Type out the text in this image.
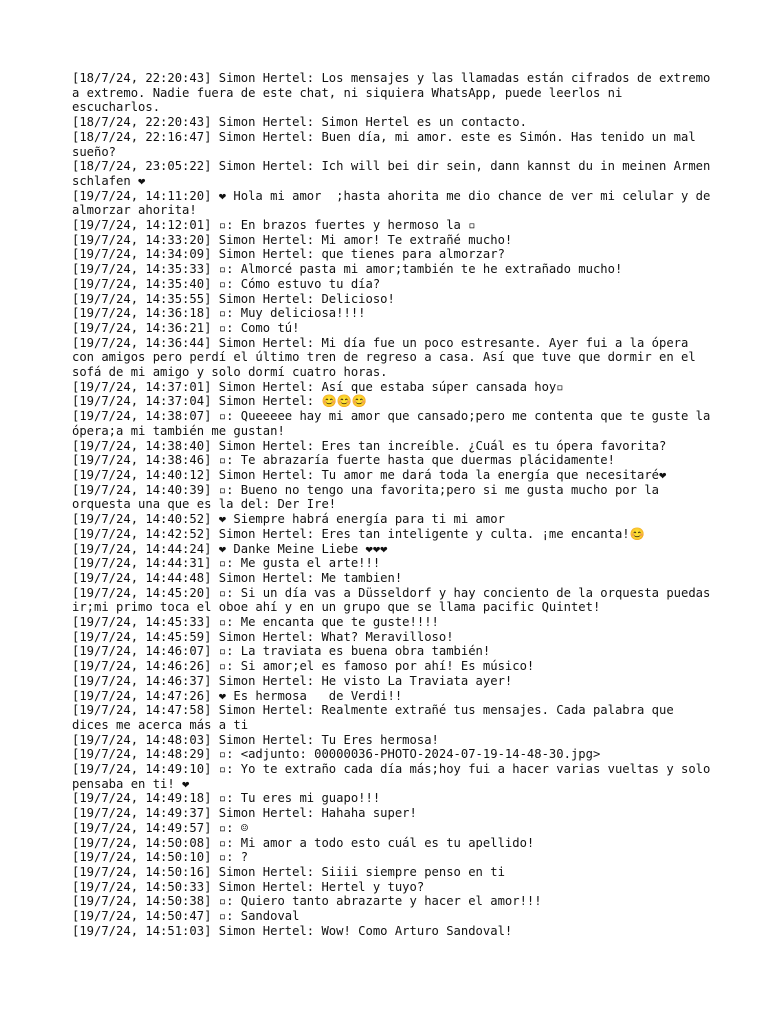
[18/7/24, 22:20:43] Simon Hertel: Los mensajes y las llamadas están cifrados de extremo a extremo. Nadie fuera de este chat, ni siquiera WhatsApp, puede leerlos ni escucharlos.

[18/7/24, 22:20:43] Simon Hertel: Simon Hertel es un contacto.

[18/7/24, 22:16:47] Simon Hertel: Buen día, mi amor. este es Simón. Has tenido un mal sueño?

[18/7/24, 23:05:22] Simon Hertel: Ich will bei dir sein, dann kannst du in meinen Armen schlafen ❤

[19/7/24, 14:11:20] ❤ Hola mi amor  ;hasta ahorita me dio chance de ver mi celular y de almorzar ahorita!

[19/7/24, 14:12:01] ▫: En brazos fuertes y hermoso la ▫

[19/7/24, 14:33:20] Simon Hertel: Mi amor! Te extrañé mucho!

[19/7/24, 14:34:09] Simon Hertel: que tienes para almorzar?

[19/7/24, 14:35:33] ▫: Almorcé pasta mi amor;también te he extrañado mucho!

[19/7/24, 14:35:40] ▫: Cómo estuvo tu día?

[19/7/24, 14:35:55] Simon Hertel: Delicioso!

[19/7/24, 14:36:18] ▫: Muy deliciosa!!!!

[19/7/24, 14:36:21] ▫: Como tú!

[19/7/24, 14:36:44] Simon Hertel: Mi día fue un poco estresante. Ayer fui a la ópera con amigos pero perdí el último tren de regreso a casa. Así que tuve que dormir en el sofá de mi amigo y solo dormí cuatro horas.

[19/7/24, 14:37:01] Simon Hertel: Así que estaba súper cansada hoy▫

[19/7/24, 14:37:04] Simon Hertel: 😊😊😊

[19/7/24, 14:38:07] ▫: Queeeee hay mi amor que cansado;pero me contenta que te guste la ópera;a mi también me gustan!

[19/7/24, 14:38:40] Simon Hertel: Eres tan increíble. ¿Cuál es tu ópera favorita?

[19/7/24, 14:38:46] ▫: Te abrazaría fuerte hasta que duermas plácidamente!

[19/7/24, 14:40:12] Simon Hertel: Tu amor me dará toda la energía que necesitaré❤

[19/7/24, 14:40:39] ▫: Bueno no tengo una favorita;pero si me gusta mucho por la orquesta una que es la del: Der Ire!

[19/7/24, 14:40:52] ❤ Siempre habrá energía para ti mi amor

[19/7/24, 14:42:52] Simon Hertel: Eres tan inteligente y culta. ¡me encanta!😊

[19/7/24, 14:44:24] ❤ Danke Meine Liebe ❤❤❤

[19/7/24, 14:44:31] ▫: Me gusta el arte!!!

[19/7/24, 14:44:48] Simon Hertel: Me tambien!

[19/7/24, 14:45:20] ▫: Si un día vas a Düsseldorf y hay conciento de la orquesta puedas ir;mi primo toca el oboe ahí y en un grupo que se llama pacific Quintet!

[19/7/24, 14:45:33] ▫: Me encanta que te guste!!!!

[19/7/24, 14:45:59] Simon Hertel: What? Meravilloso!

[19/7/24, 14:46:07] ▫: La traviata es buena obra también!

[19/7/24, 14:46:26] ▫: Si amor;el es famoso por ahí! Es músico!

[19/7/24, 14:46:37] Simon Hertel: He visto La Traviata ayer!

[19/7/24, 14:47:26] ❤ Es hermosa   de Verdi!!

[19/7/24, 14:47:58] Simon Hertel: Realmente extrañé tus mensajes. Cada palabra que dices me acerca más a ti

[19/7/24, 14:48:03] Simon Hertel: Tu Eres hermosa!

[19/7/24, 14:48:29] ▫: <adjunto: 00000036-PHOTO-2024-07-19-14-48-30.jpg>

[19/7/24, 14:49:10] ▫: Yo te extraño cada día más;hoy fui a hacer varias vueltas y solo pensaba en ti! ❤

[19/7/24, 14:49:18] ▫: Tu eres mi guapo!!!

[19/7/24, 14:49:37] Simon Hertel: Hahaha super!

[19/7/24, 14:49:57] ▫: ☺

[19/7/24, 14:50:08] ▫: Mi amor a todo esto cuál es tu apellido!

[19/7/24, 14:50:10] ▫: ?

[19/7/24, 14:50:16] Simon Hertel: Siiii siempre penso en ti

[19/7/24, 14:50:33] Simon Hertel: Hertel y tuyo?

[19/7/24, 14:50:38] ▫: Quiero tanto abrazarte y hacer el amor!!!

[19/7/24, 14:50:47] ▫: Sandoval

[19/7/24, 14:51:03] Simon Hertel: Wow! Como Arturo Sandoval!
